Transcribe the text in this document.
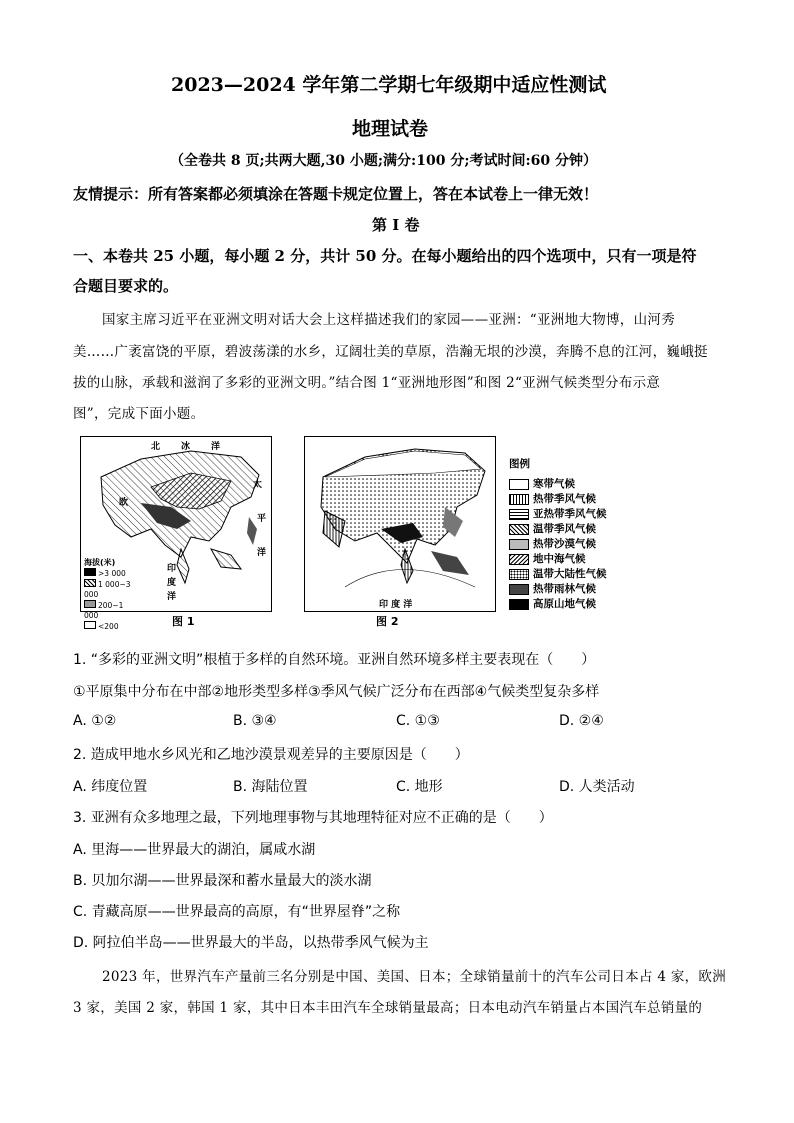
2023—2024 学年第二学期七年级期中适应性测试
地理试卷
（全卷共 8 页;共两大题,30 小题;满分:100 分;考试时间:60 分钟）
友情提示：所有答案都必须填涂在答题卡规定位置上，答在本试卷上一律无效！
第 I 卷
一、本卷共 25 小题，每小题 2 分，共计 50 分。在每小题给出的四个选项中，只有一项是符
合题目要求的。
国家主席习近平在亚洲文明对话大会上这样描述我们的家园——亚洲：“亚洲地大物博，山河秀
美……广袤富饶的平原，碧波荡漾的水乡，辽阔壮美的草原，浩瀚无垠的沙漠，奔腾不息的江河，巍峨挺
拔的山脉，承载和滋润了多彩的亚洲文明。”结合图 1“亚洲地形图”和图 2“亚洲气候类型分布示意
图”，完成下面小题。
北 冰 洋
欧
太
平
洋
印
度
洋
海拔(米)
>3 000
1 000~3 000
200~1 000
<200	图 1
印 度 洋
图 2
图例
寒带气候
热带季风气候
亚热带季风气候
温带季风气候
热带沙漠气候
地中海气候
温带大陆性气候
热带雨林气候
高原山地气候
1. “多彩的亚洲文明”根植于多样的自然环境。亚洲自然环境多样主要表现在（　　）
①平原集中分布在中部②地形类型多样③季风气候广泛分布在西部④气候类型复杂多样
A. ①②	B. ③④	C. ①③	D. ②④
2. 造成甲地水乡风光和乙地沙漠景观差异的主要原因是（　　）
A. 纬度位置	B. 海陆位置	C. 地形	D. 人类活动
3. 亚洲有众多地理之最，下列地理事物与其地理特征对应不正确的是（　　）
A. 里海——世界最大的湖泊，属咸水湖
B. 贝加尔湖——世界最深和蓄水量最大的淡水湖
C. 青藏高原——世界最高的高原，有“世界屋脊”之称
D. 阿拉伯半岛——世界最大的半岛，以热带季风气候为主
2023 年，世界汽车产量前三名分别是中国、美国、日本；全球销量前十的汽车公司日本占 4 家，欧洲
3 家，美国 2 家，韩国 1 家，其中日本丰田汽车全球销量最高；日本电动汽车销量占本国汽车总销量的
